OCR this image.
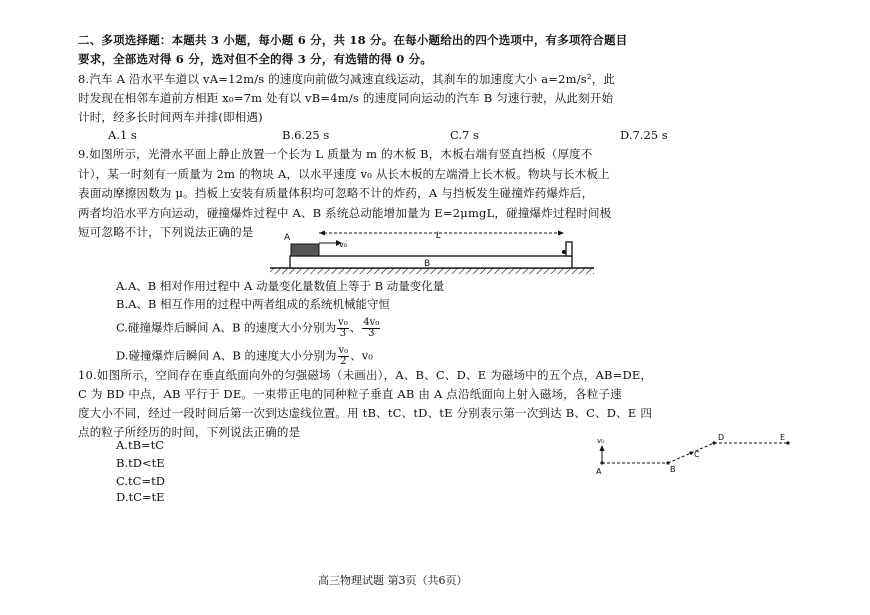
二、多项选择题：本题共 3 小题，每小题 6 分，共 18 分。在每小题给出的四个选项中，有多项符合题目
要求，全部选对得 6 分，选对但不全的得 3 分，有选错的得 0 分。
8.汽车 A 沿水平车道以 vA=12m/s 的速度向前做匀减速直线运动，其刹车的加速度大小 a=2m/s²，此
时发现在相邻车道前方相距 x₀=7m 处有以 vB=4m/s 的速度同向运动的汽车 B 匀速行驶，从此刻开始
计时，经多长时间两车并排(即相遇)
A.1 s	B.6.25 s	C.7 s	D.7.25 s
9.如图所示，光滑水平面上静止放置一个长为 L 质量为 m 的木板 B，木板右端有竖直挡板（厚度不
计），某一时刻有一质量为 2m 的物块 A，以水平速度 v₀ 从长木板的左端滑上长木板。物块与长木板上
表面动摩擦因数为 μ。挡板上安装有质量体积均可忽略不计的炸药，A 与挡板发生碰撞炸药爆炸后，
两者均沿水平方向运动，碰撞爆炸过程中 A、B 系统总动能增加量为 E=2μmgL，碰撞爆炸过程时间极
短可忽略不计，下列说法正确的是	A
v₀
L
B
A.A、B 相对作用过程中 A 动量变化量数值上等于 B 动量变化量
B.A、B 相互作用的过程中两者组成的系统机械能守恒
C.碰撞爆炸后瞬间 A、B 的速度大小分别为 $\frac{\text{v₀}}{3}$ 、 $\frac{\text{4v₀}}{3}$
D.碰撞爆炸后瞬间 A、B 的速度大小分别为 $\frac{\text{v₀}}{2}$ 、v₀
10.如图所示，空间存在垂直纸面向外的匀强磁场（未画出），A、B、C、D、E 为磁场中的五个点，AB=DE，
C 为 BD 中点，AB 平行于 DE。一束带正电的同种粒子垂直 AB 由 A 点沿纸面向上射入磁场，各粒子速
度大小不同，经过一段时间后第一次到达虚线位置。用 tB、tC、tD、tE 分别表示第一次到达 B、C、D、E 四
点的粒子所经历的时间，下列说法正确的是
A.tB=tC
B.tD<tE
C.tC=tD
D.tC=tE
v₀
A	B
C
D	E
高三物理试题 第3页（共6页）
